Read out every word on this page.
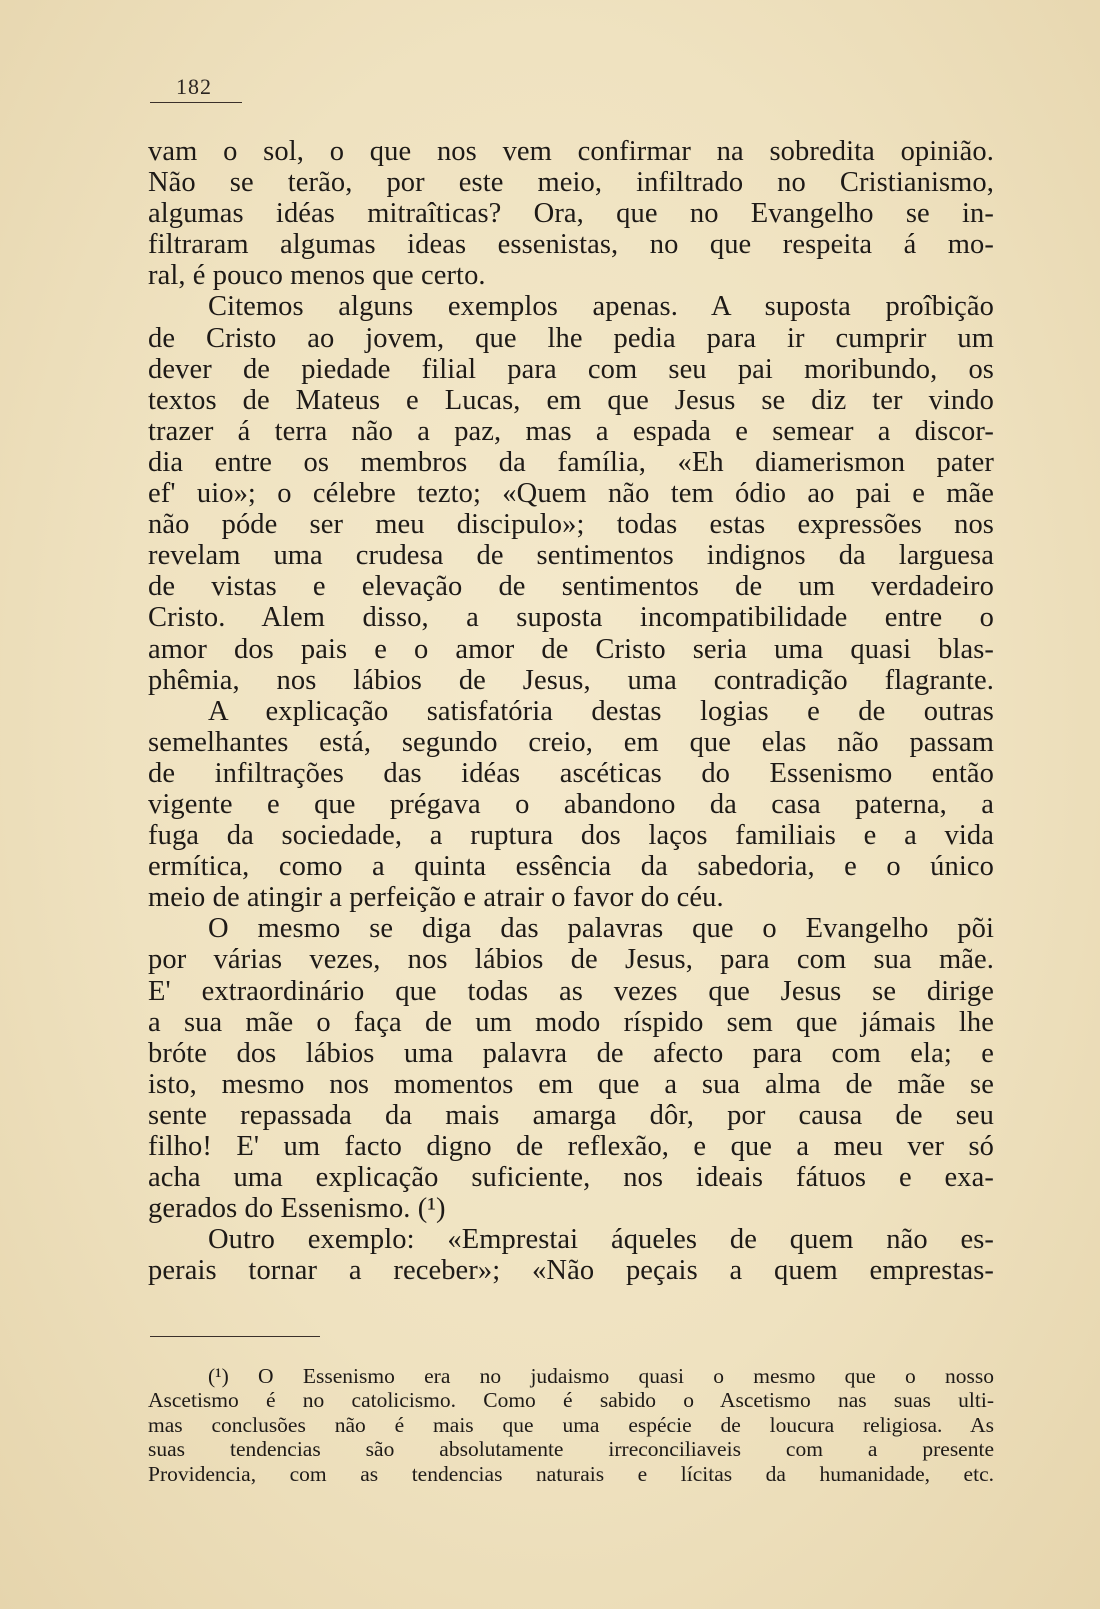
182
vam o sol, o que nos vem confirmar na sobredita opinião.
Não se terão, por este meio, infiltrado no Cristianismo,
algumas idéas mitraîticas? Ora, que no Evangelho se in-
filtraram algumas ideas essenistas, no que respeita á mo-
ral, é pouco menos que certo.
Citemos alguns exemplos apenas. A suposta proîbição
de Cristo ao jovem, que lhe pedia para ir cumprir um
dever de piedade filial para com seu pai moribundo, os
textos de Mateus e Lucas, em que Jesus se diz ter vindo
trazer á terra não a paz, mas a espada e semear a discor-
dia entre os membros da família, «Eh diamerismon pater
ef' uio»; o célebre tezto; «Quem não tem ódio ao pai e mãe
não póde ser meu discipulo»; todas estas expressões nos
revelam uma crudesa de sentimentos indignos da larguesa
de vistas e elevação de sentimentos de um verdadeiro
Cristo. Alem disso, a suposta incompatibilidade entre o
amor dos pais e o amor de Cristo seria uma quasi blas-
phêmia, nos lábios de Jesus, uma contradição flagrante.
A explicação satisfatória destas logias e de outras
semelhantes está, segundo creio, em que elas não passam
de infiltrações das idéas ascéticas do Essenismo então
vigente e que prégava o abandono da casa paterna, a
fuga da sociedade, a ruptura dos laços familiais e a vida
ermítica, como a quinta essência da sabedoria, e o único
meio de atingir a perfeição e atrair o favor do céu.
O mesmo se diga das palavras que o Evangelho põi
por várias vezes, nos lábios de Jesus, para com sua mãe.
E' extraordinário que todas as vezes que Jesus se dirige
a sua mãe o faça de um modo ríspido sem que jámais lhe
bróte dos lábios uma palavra de afecto para com ela; e
isto, mesmo nos momentos em que a sua alma de mãe se
sente repassada da mais amarga dôr, por causa de seu
filho! E' um facto digno de reflexão, e que a meu ver só
acha uma explicação suficiente, nos ideais fátuos e exa-
gerados do Essenismo. (¹)
Outro exemplo: «Emprestai áqueles de quem não es-
perais tornar a receber»; «Não peçais a quem emprestas-
(¹) O Essenismo era no judaismo quasi o mesmo que o nosso
Ascetismo é no catolicismo. Como é sabido o Ascetismo nas suas ulti-
mas conclusões não é mais que uma espécie de loucura religiosa. As
suas tendencias são absolutamente irreconciliaveis com a presente
Providencia, com as tendencias naturais e lícitas da humanidade, etc.
